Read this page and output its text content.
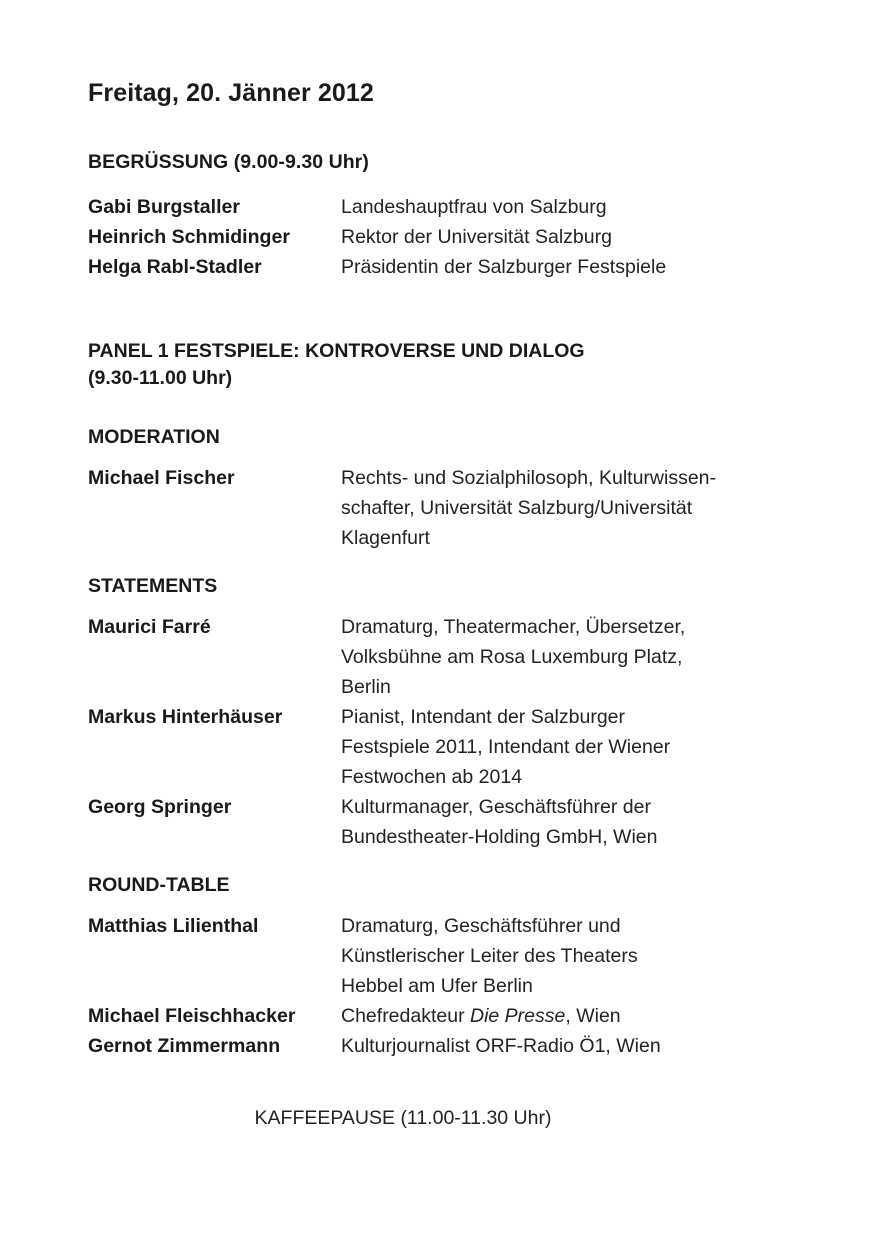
Freitag, 20. Jänner 2012
BEGRÜSSUNG (9.00-9.30 Uhr)
Gabi Burgstaller	Landeshauptfrau von Salzburg
Heinrich Schmidinger	Rektor der Universität Salzburg
Helga Rabl-Stadler	Präsidentin der Salzburger Festspiele
PANEL 1 FESTSPIELE: KONTROVERSE UND DIALOG
(9.30-11.00 Uhr)
MODERATION
Michael Fischer	Rechts- und Sozialphilosoph, Kulturwissen-
schafter, Universität Salzburg/Universität
Klagenfurt
STATEMENTS
Maurici Farré	Dramaturg, Theatermacher, Übersetzer,
Volksbühne am Rosa Luxemburg Platz,
Berlin
Markus Hinterhäuser	Pianist, Intendant der Salzburger
Festspiele 2011, Intendant der Wiener
Festwochen ab 2014
Georg Springer	Kulturmanager, Geschäftsführer der
Bundestheater-Holding GmbH, Wien
ROUND-TABLE
Matthias Lilienthal	Dramaturg, Geschäftsführer und
Künstlerischer Leiter des Theaters
Hebbel am Ufer Berlin
Michael Fleischhacker	Chefredakteur Die Presse, Wien
Gernot Zimmermann	Kulturjournalist ORF-Radio Ö1, Wien
KAFFEEPAUSE (11.00-11.30 Uhr)
